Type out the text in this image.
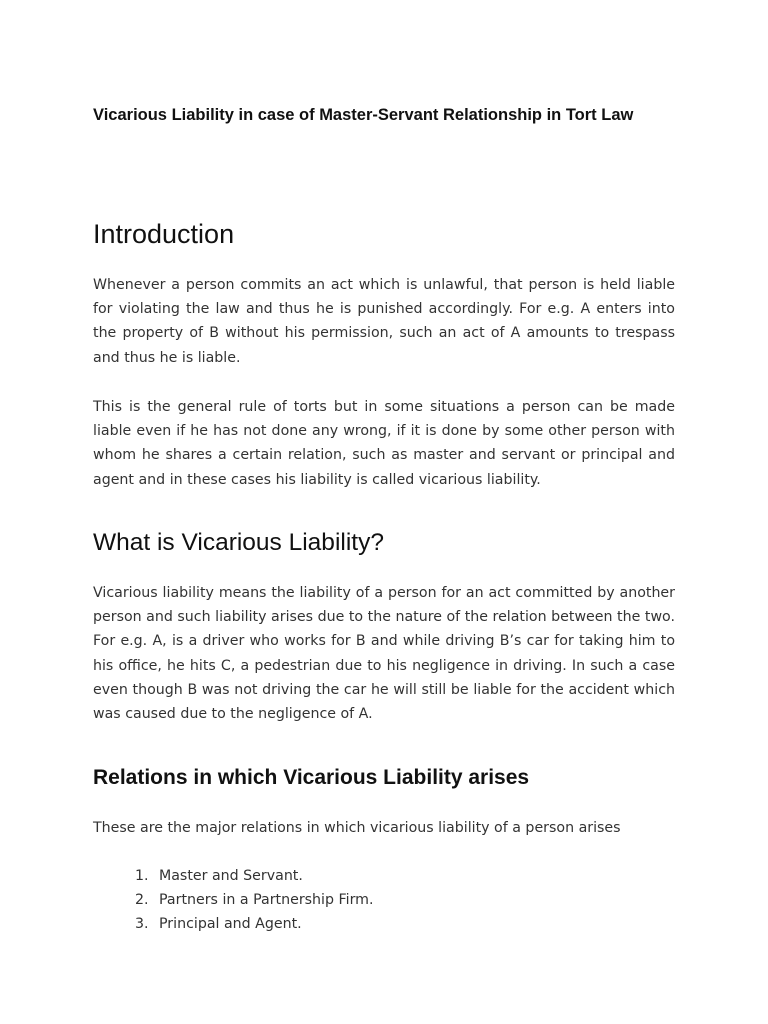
Vicarious Liability in case of Master-Servant Relationship in Tort Law
Introduction

Whenever a person commits an act which is unlawful, that person is held liable for violating the law and thus he is punished accordingly. For e.g. A enters into the property of B without his permission, such an act of A amounts to trespass and thus he is liable.

This is the general rule of torts but in some situations a person can be made liable even if he has not done any wrong, if it is done by some other person with whom he shares a certain relation, such as master and servant or principal and agent and in these cases his liability is called vicarious liability.

What is Vicarious Liability?

Vicarious liability means the liability of a person for an act committed by another person and such liability arises due to the nature of the relation between the two. For e.g. A, is a driver who works for B and while driving B’s car for taking him to his office, he hits C, a pedestrian due to his negligence in driving. In such a case even though B was not driving the car he will still be liable for the accident which was caused due to the negligence of A.

Relations in which Vicarious Liability arises

These are the major relations in which vicarious liability of a person arises

1. Master and Servant.
2. Partners in a Partnership Firm.
3. Principal and Agent.
